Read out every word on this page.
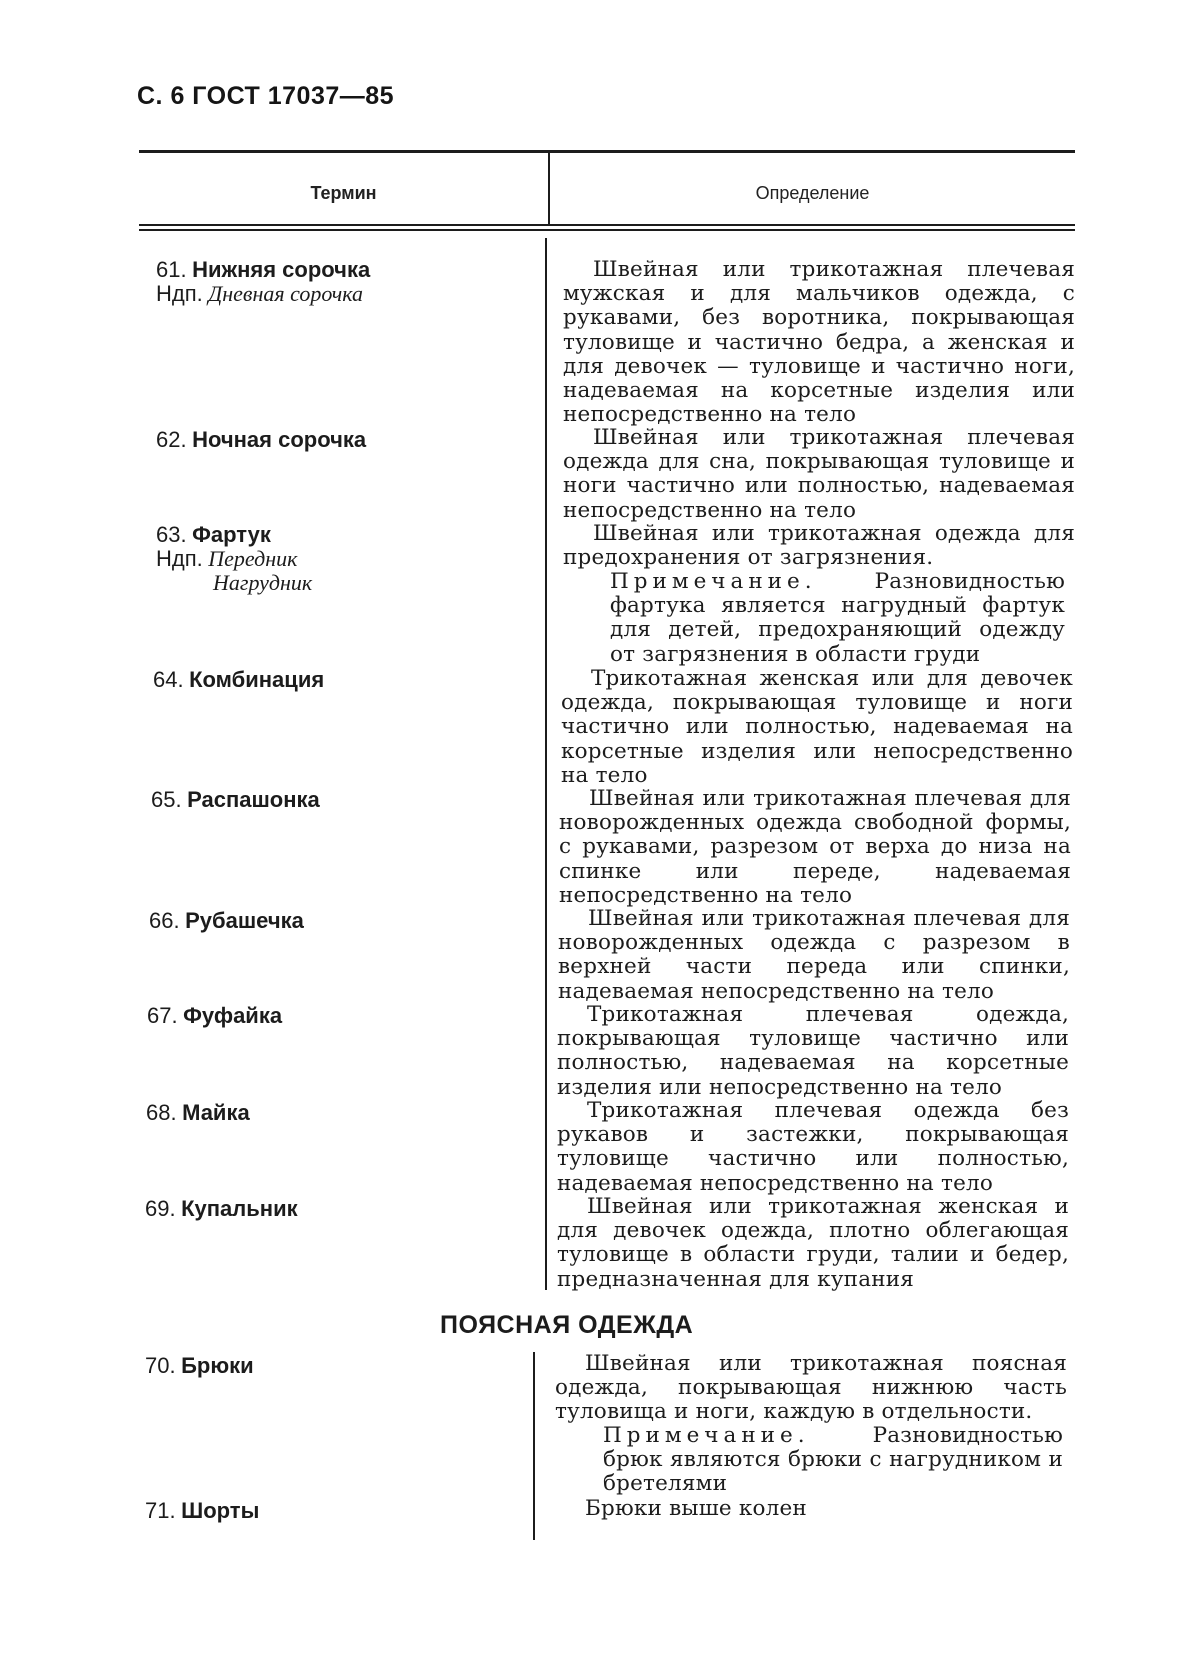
С. 6 ГОСТ 17037—85
Термин	Определение
61. Нижняя сорочка
Ндп. Дневная сорочка
Швейная или трикотажная плечевая мужская и для мальчиков одежда, с рукавами, без воротника, покрывающая туловище и частично бедра, а женская и для девочек — туловище и частично ноги, надеваемая на корсетные изделия или непосредственно на тело
62. Ночная сорочка	Швейная или трикотажная плечевая одежда для сна, покрывающая туловище и ноги частично или полностью, надеваемая непосредственно на тело
63. Фартук
Ндп. Передник
Нагрудник
Швейная или трикотажная одежда для предохранения от загрязнения.
Примечание.	Разновидностью фартука является нагрудный фартук для детей, предохраняющий одежду от загрязнения в области груди
64. Комбинация	Трикотажная женская или для девочек одежда, покрывающая туловище и ноги частично или полностью, надеваемая на корсетные изделия или непосредственно на тело
65. Распашонка	Швейная или трикотажная плечевая для новорожденных одежда свободной формы, с рукавами, разрезом от верха до низа на спинке или переде, надеваемая непосредственно на тело
66. Рубашечка	Швейная или трикотажная плечевая для новорожденных одежда с разрезом в верхней части переда или спинки, надеваемая непосредственно на тело
67. Фуфайка	Трикотажная плечевая одежда, покрывающая туловище частично или полностью, надеваемая на корсетные изделия или непосредственно на тело
68. Майка	Трикотажная плечевая одежда без рукавов и застежки, покрывающая туловище частично или полностью, надеваемая непосредственно на тело
69. Купальник	Швейная или трикотажная женская и для девочек одежда, плотно облегающая туловище в области груди, талии и бедер, предназначенная для купания
ПОЯСНАЯ ОДЕЖДА
70. Брюки	Швейная или трикотажная поясная одежда, покрывающая нижнюю часть туловища и ноги, каждую в отдельности.
Примечание.	Разновидностью брюк являются брюки с нагрудником и бретелями
71. Шорты	Брюки выше колен
